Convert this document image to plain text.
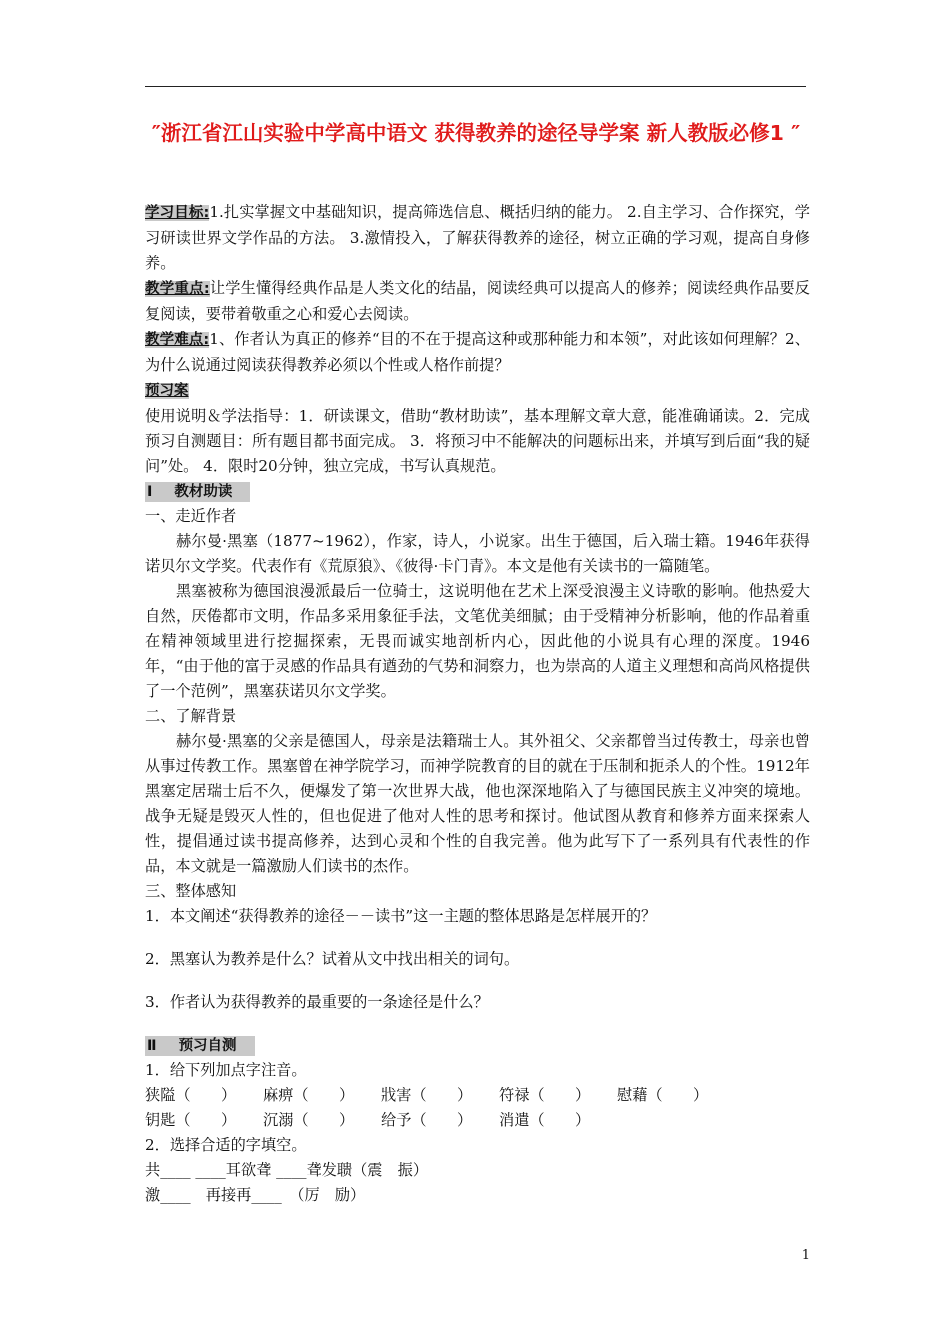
″浙江省江山实验中学高中语文 获得教养的途径导学案 新人教版必修1 ″

学习目标:1.扎实掌握文中基础知识，提高筛选信息、概括归纳的能力。 2.自主学习、合作探究，学习研读世界文学作品的方法。 3.激情投入，了解获得教养的途径，树立正确的学习观，提高自身修养。

教学重点:让学生懂得经典作品是人类文化的结晶，阅读经典可以提高人的修养；阅读经典作品要反复阅读，要带着敬重之心和爱心去阅读。

教学难点:1、作者认为真正的修养“目的不在于提高这种或那种能力和本领”，对此该如何理解？2、为什么说通过阅读获得教养必须以个性或人格作前提？

预习案

使用说明＆学法指导：1．研读课文，借助“教材助读”，基本理解文章大意，能准确诵读。2．完成预习自测题目：所有题目都书面完成。 3．将预习中不能解决的问题标出来，并填写到后面“我的疑问”处。 4．限时20分钟，独立完成，书写认真规范。

Ⅰ 教材助读

一、走近作者

赫尔曼·黑塞（1877~1962），作家，诗人，小说家。出生于德国，后入瑞士籍。1946年获得诺贝尔文学奖。代表作有《荒原狼》、《彼得·卡门青》。本文是他有关读书的一篇随笔。

黑塞被称为德国浪漫派最后一位骑士，这说明他在艺术上深受浪漫主义诗歌的影响。他热爱大自然，厌倦都市文明，作品多采用象征手法，文笔优美细腻；由于受精神分析影响，他的作品着重在精神领域里进行挖掘探索，无畏而诚实地剖析内心，因此他的小说具有心理的深度。1946年，“由于他的富于灵感的作品具有遒劲的气势和洞察力，也为崇高的人道主义理想和高尚风格提供了一个范例”，黑塞获诺贝尔文学奖。

二、了解背景

赫尔曼·黑塞的父亲是德国人，母亲是法籍瑞士人。其外祖父、父亲都曾当过传教士，母亲也曾从事过传教工作。黑塞曾在神学院学习，而神学院教育的目的就在于压制和扼杀人的个性。1912年黑塞定居瑞士后不久，便爆发了第一次世界大战，他也深深地陷入了与德国民族主义冲突的境地。战争无疑是毁灭人性的，但也促进了他对人性的思考和探讨。他试图从教育和修养方面来探索人性，提倡通过读书提高修养，达到心灵和个性的自我完善。他为此写下了一系列具有代表性的作品，本文就是一篇激励人们读书的杰作。

三、整体感知

1．本文阐述“获得教养的途径－－读书”这一主题的整体思路是怎样展开的？

2．黑塞认为教养是什么？试着从文中找出相关的词句。

3．作者认为获得教养的最重要的一条途径是什么？

Ⅱ 预习自测

1．给下列加点字注音。

狭隘（　　）	麻痹（　　）	戕害（　　）	符禄（　　）	慰藉（　　）
钥匙（　　）	沉溺（　　）	给予（　　）	消遣（　　）

2．选择合适的字填空。

共____ ____耳欲聋 ____聋发聩（震　振）

激____　再接再____　（厉　励）

1
